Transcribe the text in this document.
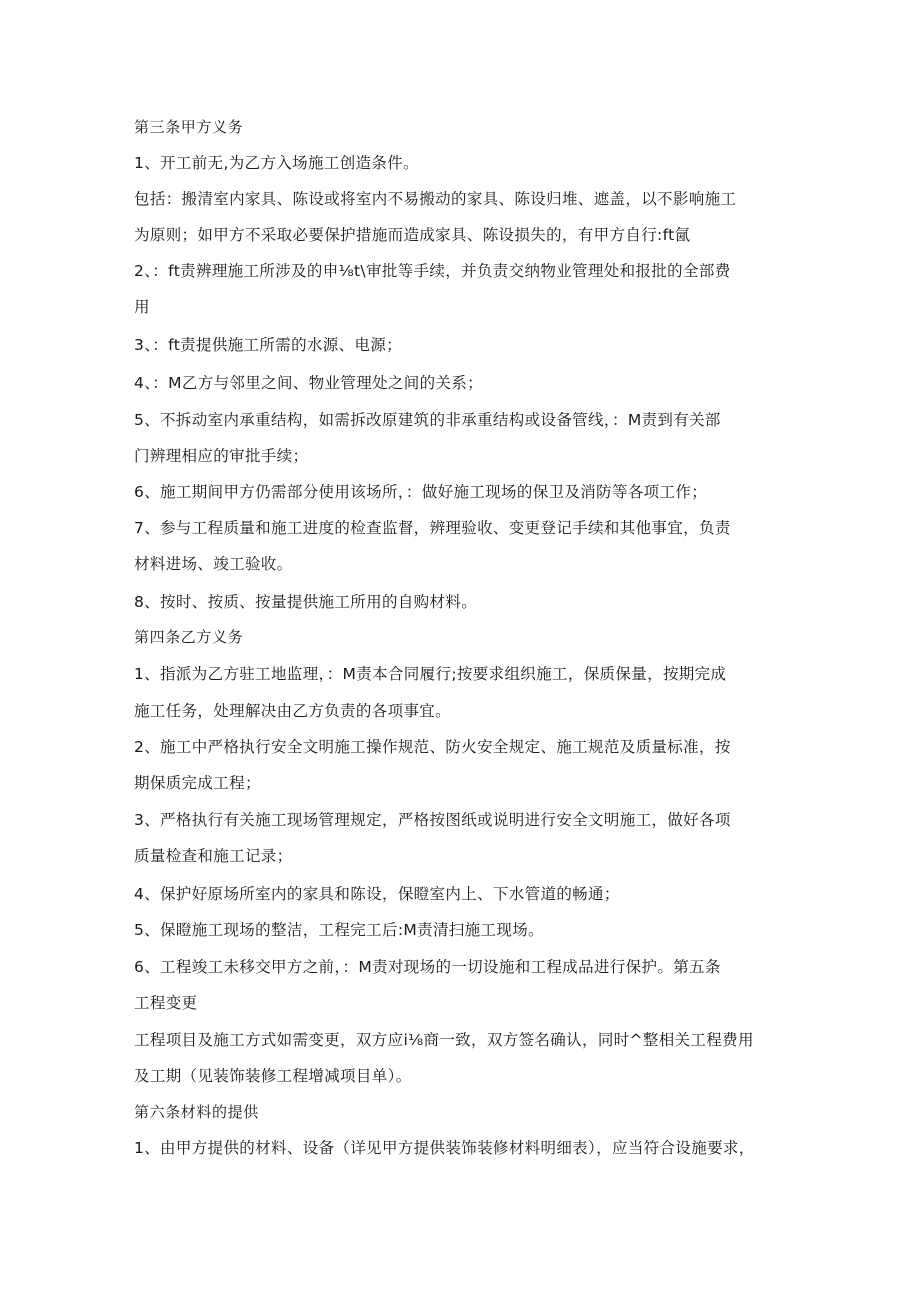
第三条甲方义务
1、开工前无,为乙方入场施工创造条件。
包括：搬清室内家具、陈设或将室内不易搬动的家具、陈设归堆、遮盖，以不影响施工
为原则；如甲方不采取必要保护措施而造成家具、陈设损失的，有甲方自行:ft氤
2、：ft责辨理施工所涉及的申⅛t\审批等手续，并负责交纳物业管理处和报批的全部费
用
3、：ft责提供施工所需的水源、电源；
4、：M乙方与邻里之间、物业管理处之间的关系；
5、不拆动室内承重结构，如需拆改原建筑的非承重结构或设备管线，：M责到有关部
门辨理相应的审批手续；
6、施工期间甲方仍需部分使用该场所，：做好施工现场的保卫及消防等各项工作；
7、参与工程质量和施工进度的检查监督，辨理验收、变更登记手续和其他事宜，负责
材料进场、竣工验收。
8、按时、按质、按量提供施工所用的自购材料。
第四条乙方义务
1、指派为乙方驻工地监理，：M责本合同履行;按要求组织施工，保质保量，按期完成
施工任务，处理解决由乙方负责的各项事宜。
2、施工中严格执行安全文明施工操作规范、防火安全规定、施工规范及质量标准，按
期保质完成工程；
3、严格执行有关施工现场管理规定，严格按图纸或说明进行安全文明施工，做好各项
质量检查和施工记录；
4、保护好原场所室内的家具和陈设，保瞪室内上、下水管道的畅通；
5、保瞪施工现场的整洁，工程完工后:M责清扫施工现场。
6、工程竣工未移交甲方之前，：M责对现场的一切设施和工程成品进行保护。第五条
工程变更
工程项目及施工方式如需变更，双方应i⅛商一致，双方签名确认，同时^整相关工程费用
及工期（见装饰装修工程增减项目单）。
第六条材料的提供
1、由甲方提供的材料、设备（详见甲方提供装饰装修材料明细表），应当符合设施要求，
